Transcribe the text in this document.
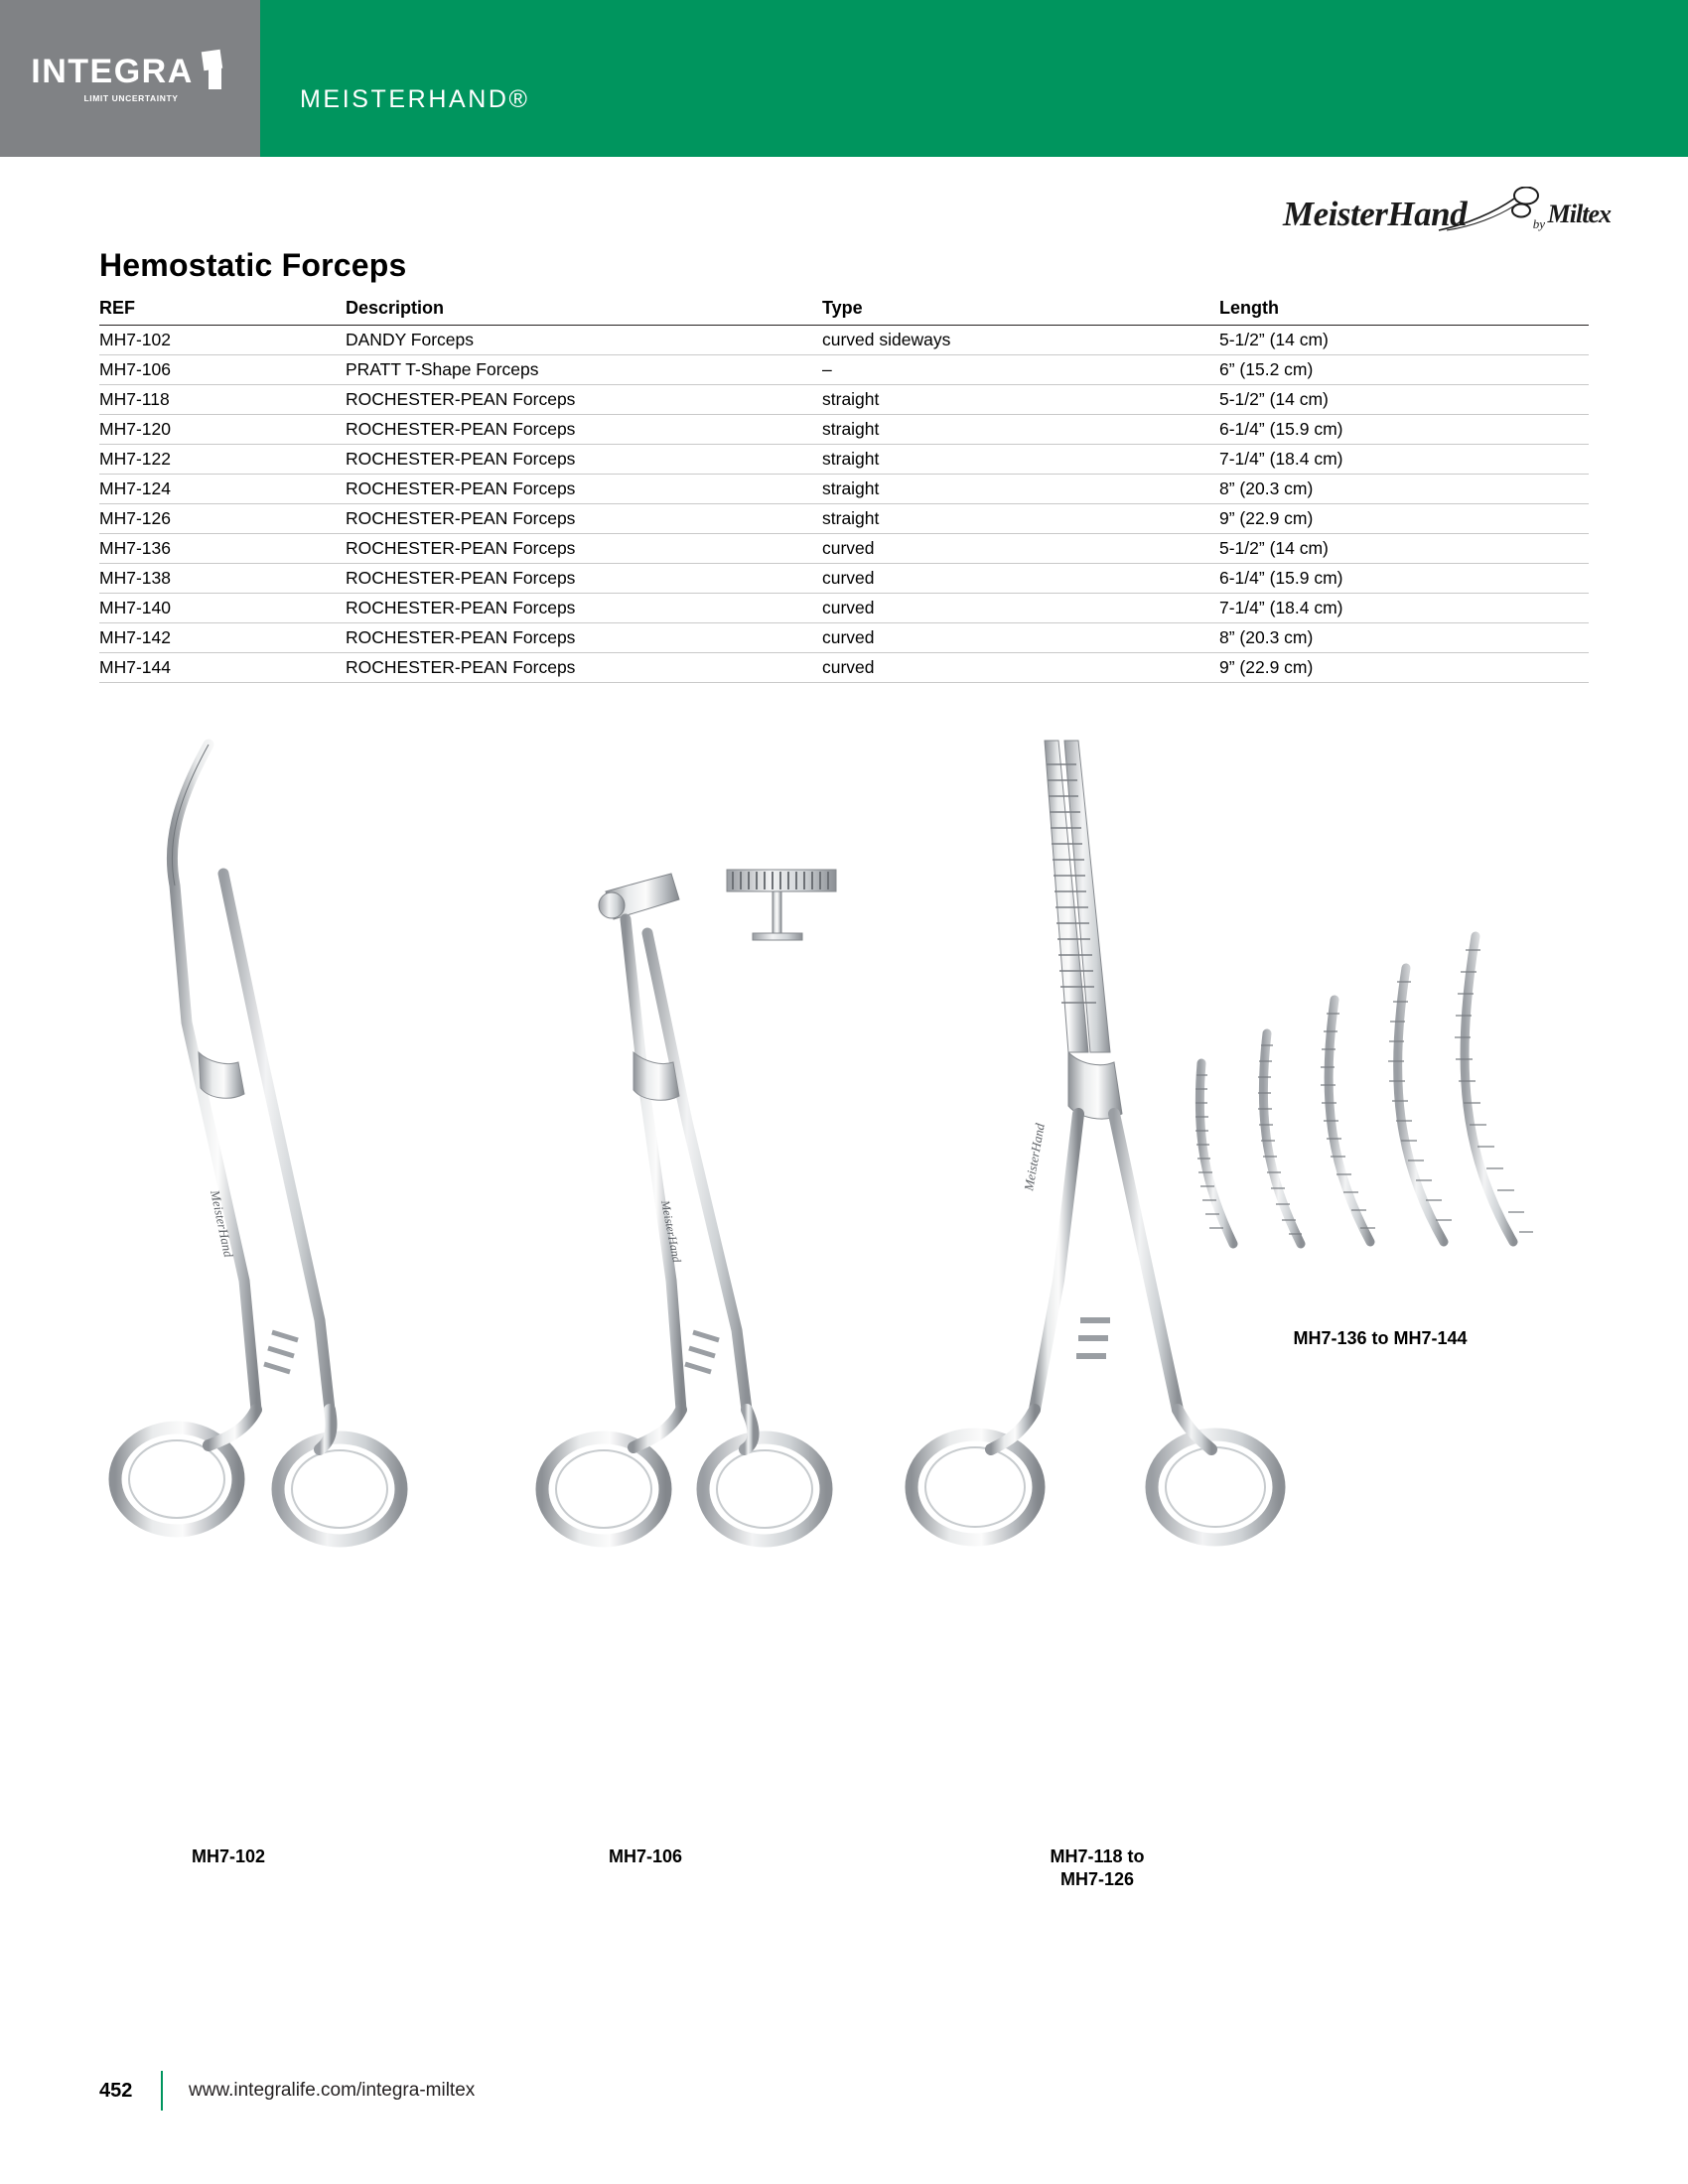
INTEGRA
LIMIT UNCERTAINTY	MEISTERHAND®
MeisterHand	by Miltex
Hemostatic Forceps
REF	Description	Type	Length
MH7-102	DANDY Forceps	curved sideways	5-1/2” (14 cm)
MH7-106	PRATT T-Shape Forceps	–	6” (15.2 cm)
MH7-118	ROCHESTER-PEAN Forceps	straight	5-1/2” (14 cm)
MH7-120	ROCHESTER-PEAN Forceps	straight	6-1/4” (15.9 cm)
MH7-122	ROCHESTER-PEAN Forceps	straight	7-1/4” (18.4 cm)
MH7-124	ROCHESTER-PEAN Forceps	straight	8” (20.3 cm)
MH7-126	ROCHESTER-PEAN Forceps	straight	9” (22.9 cm)
MH7-136	ROCHESTER-PEAN Forceps	curved	5-1/2” (14 cm)
MH7-138	ROCHESTER-PEAN Forceps	curved	6-1/4” (15.9 cm)
MH7-140	ROCHESTER-PEAN Forceps	curved	7-1/4” (18.4 cm)
MH7-142	ROCHESTER-PEAN Forceps	curved	8” (20.3 cm)
MH7-144	ROCHESTER-PEAN Forceps	curved	9” (22.9 cm)
MeisterHand
MH7-102
MeisterHand
MH7-106
MeisterHand
MH7-118 to
MH7-126
MH7-136 to MH7-144
452	www.integralife.com/integra-miltex
